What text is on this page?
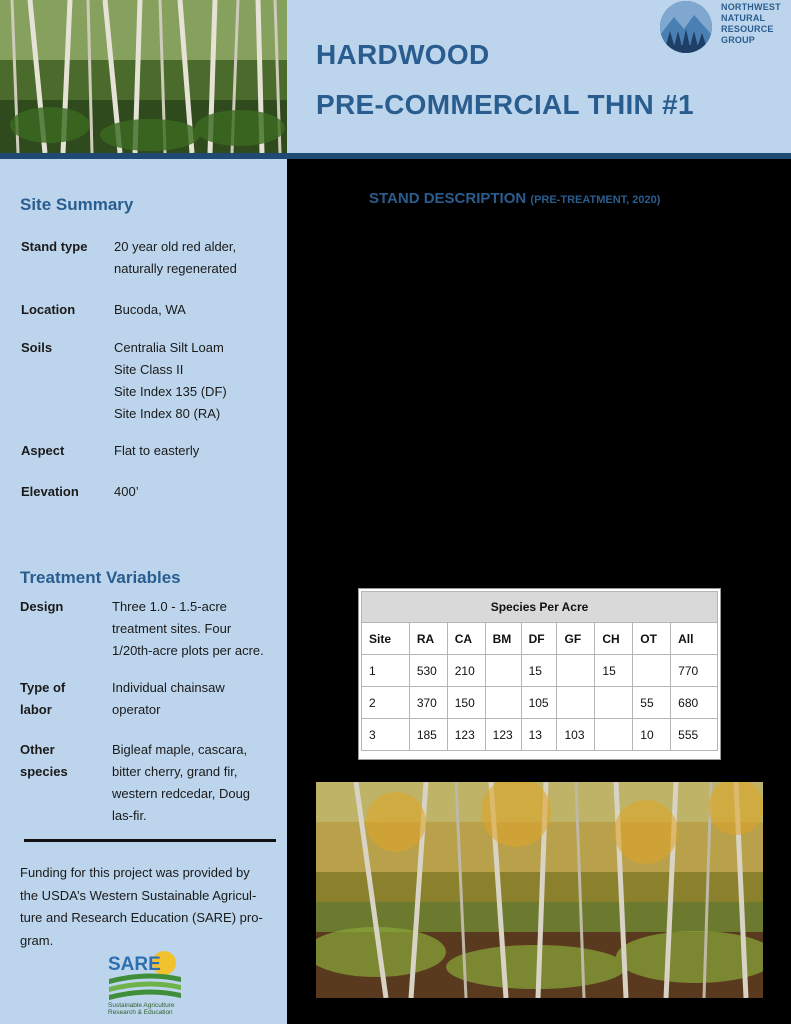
HARDWOOD
PRE-COMMERCIAL THIN #1
NORTHWEST
NATURAL
RESOURCE
GROUP
Site Summary
Stand type 20 year old red alder,
naturally regenerated
Location	Bucoda, WA
Soils	Centralia Silt Loam
Site Class II
Site Index 135 (DF)
Site Index 80 (RA)
Aspect	Flat to easterly
Elevation	400’
Treatment Variables
Design	Three 1.0 - 1.5-acre
treatment sites. Four
1/20th-acre plots per acre.
Type of
labor
Individual chainsaw
operator
Other
species
Bigleaf maple, cascara,
bitter cherry, grand fir,
western redcedar, Doug
las-fir.
Funding for this project was provided by
the USDA’s Western Sustainable Agricul-
ture and Research Education (SARE) pro-
gram.
SARE
Sustainable Agriculture
Research & Education
STAND DESCRIPTION (PRE-TREATMENT, 2020)
Species Per Acre								
Site	RA	CA	BM	DF	GF	CH	OT	All
1	530	210		15		15		770
2	370	150		105			55	680
3	185	123	123	13	103		10	555
